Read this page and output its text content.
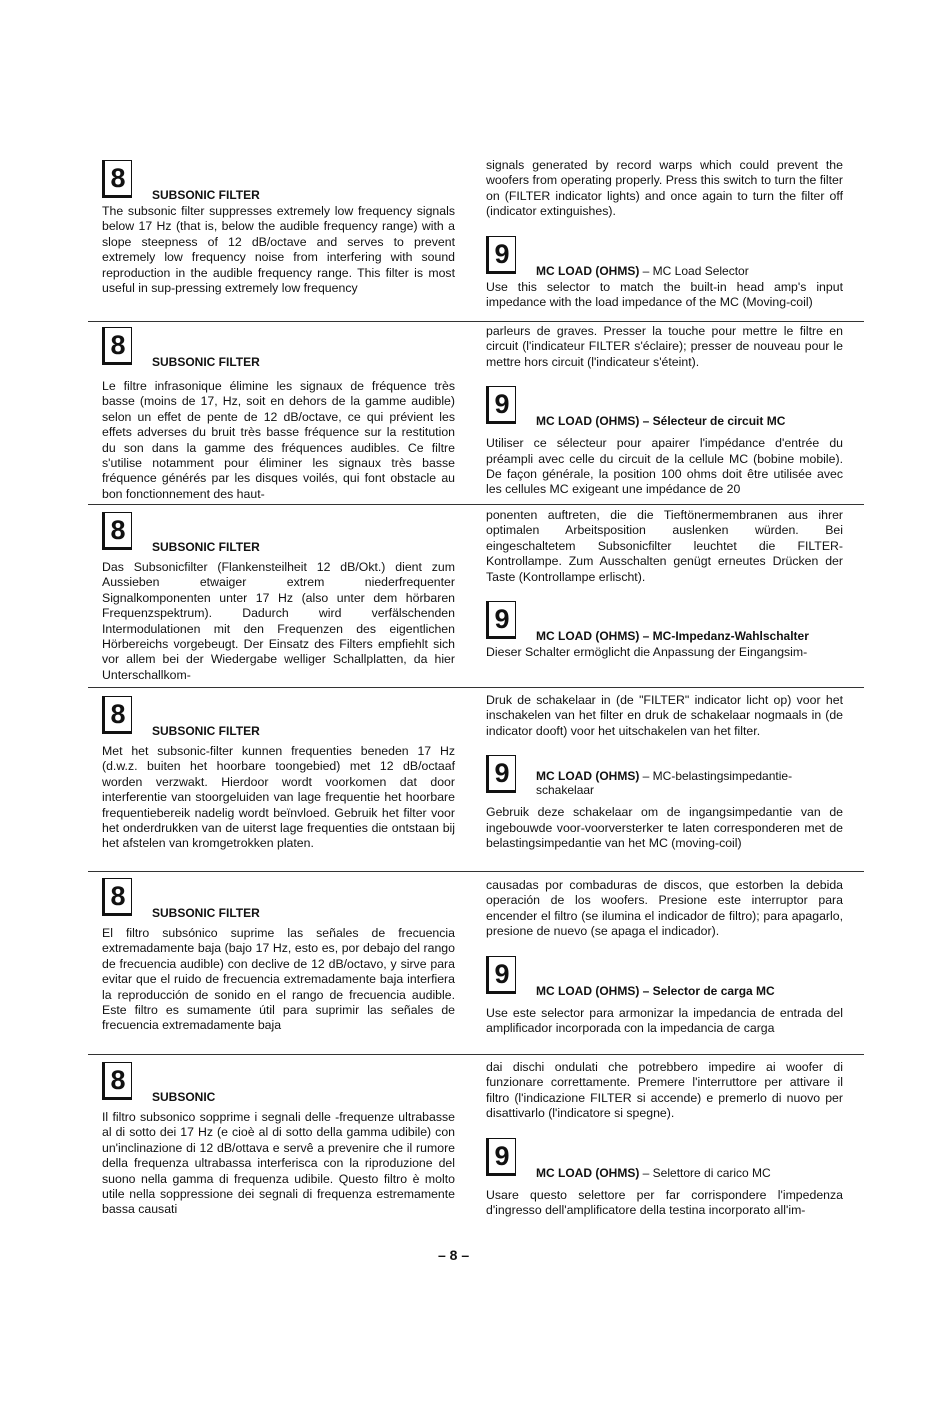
8
SUBSONIC FILTER

The subsonic filter suppresses extremely low frequency signals below 17 Hz (that is, below the audible frequency range) with a slope steepness of 12 dB/octave and serves to prevent extremely low frequency noise from interfering with sound reproduction in the audible frequency range. This filter is most useful in sup-pressing extremely low frequency

signals generated by record warps which could prevent the woofers from operating properly. Press this switch to turn the filter on (FILTER indicator lights) and once again to turn the filter off (indicator extinguishes).

9
MC LOAD (OHMS) – MC Load Selector

Use this selector to match the built-in head amp's input impedance with the load impedance of the MC (Moving-coil)

8
SUBSONIC FILTER

Le filtre infrasonique élimine les signaux de fréquence très basse (moins de 17, Hz, soit en dehors de la gamme audible) selon un effet de pente de 12 dB/octave, ce qui prévient les effets adverses du bruit très basse fréquence sur la restitution du son dans la gamme des fréquences audibles. Ce filtre s'utilise notamment pour éliminer les signaux très basse fréquence générés par les disques voilés, qui font obstacle au bon fonctionnement des haut-

parleurs de graves. Presser la touche pour mettre le filtre en circuit (l'indicateur FILTER s'éclaire); presser de nouveau pour le mettre hors circuit (l'indicateur s'éteint).

9
MC LOAD (OHMS) – Sélecteur de circuit MC

Utiliser ce sélecteur pour apairer l'impédance d'entrée du préampli avec celle du circuit de la cellule MC (bobine mobile). De façon générale, la position 100 ohms doit être utilisée avec les cellules MC exigeant une impédance de 20

8
SUBSONIC FILTER

Das Subsonicfilter (Flankensteilheit 12 dB/Okt.) dient zum Aussieben etwaiger extrem niederfrequenter Signalkomponenten unter 17 Hz (also unter dem hörbaren Frequenzspektrum). Dadurch wird verfälschenden Intermodulationen mit den Frequenzen des eigentlichen Hörbereichs vorgebeugt. Der Einsatz des Filters empfiehlt sich vor allem bei der Wiedergabe welliger Schallplatten, da hier Unterschallkom-

ponenten auftreten, die die Tieftönermembranen aus ihrer optimalen Arbeitsposition auslenken würden. Bei eingeschaltetem Subsonicfilter leuchtet die FILTER-Kontrollampe. Zum Ausschalten genügt erneutes Drücken der Taste (Kontrollampe erlischt).

9
MC LOAD (OHMS) – MC-Impedanz-Wahlschalter

Dieser Schalter ermöglicht die Anpassung der Eingangsim-

8
SUBSONIC FILTER

Met het subsonic-filter kunnen frequenties beneden 17 Hz (d.w.z. buiten het hoorbare toongebied) met 12 dB/octaaf worden verzwakt. Hierdoor wordt voorkomen dat door interferentie van stoorgeluiden van lage frequentie het hoorbare frequentiebereik nadelig wordt beïnvloed. Gebruik het filter voor het onderdrukken van de uiterst lage frequenties die ontstaan bij het afstelen van kromgetrokken platen.

Druk de schakelaar in (de "FILTER" indicator licht op) voor het inschakelen van het filter en druk de schakelaar nogmaals in (de indicator dooft) voor het uitschakelen van het filter.

9	MC LOAD (OHMS) – MC-belastingsimpedantie-schakelaar

Gebruik deze schakelaar om de ingangsimpedantie van de ingebouwde voor-voorversterker te laten corresponderen met de belastingsimpedantie van het MC (moving-coil)

8
SUBSONIC FILTER

El filtro subsónico suprime las señales de frecuencia extremadamente baja (bajo 17 Hz, esto es, por debajo del rango de frecuencia audible) con declive de 12 dB/octavo, y sirve para evitar que el ruido de frecuencia extremadamente baja interfiera la reproducción de sonido en el rango de frecuencia audible. Este filtro es sumamente útil para suprimir las señales de frecuencia extremadamente baja

causadas por combaduras de discos, que estorben la debida operación de los woofers. Presione este interruptor para encender el filtro (se ilumina el indicador de filtro); para apagarlo, presione de nuevo (se apaga el indicador).

9
MC LOAD (OHMS) – Selector de carga MC

Use este selector para armonizar la impedancia de entrada del amplificador incorporada con la impedancia de carga

8
SUBSONIC

Il filtro subsonico sopprime i segnali delle -frequenze ultrabasse al di sotto dei 17 Hz (e cioè al di sotto della gamma udibile) con un'inclinazione di 12 dB/ottava e servê a prevenire che il rumore della frequenza ultrabassa interferisca con la riproduzione del suono nella gamma di frequenza udibile. Questo filtro è molto utile nella soppressione dei segnali di frequenza estremamente bassa causati

dai dischi ondulati che potrebbero impedire ai woofer di funzionare correttamente. Premere l'interruttore per attivare il filtro (l'indicazione FILTER si accende) e premerlo di nuovo per disattivarlo (l'indicatore si spegne).

9
MC LOAD (OHMS) – Selettore di carico MC

Usare questo selettore per far corrispondere l'impedenza d'ingresso dell'amplificatore della testina incorporato all'im-

– 8 –
